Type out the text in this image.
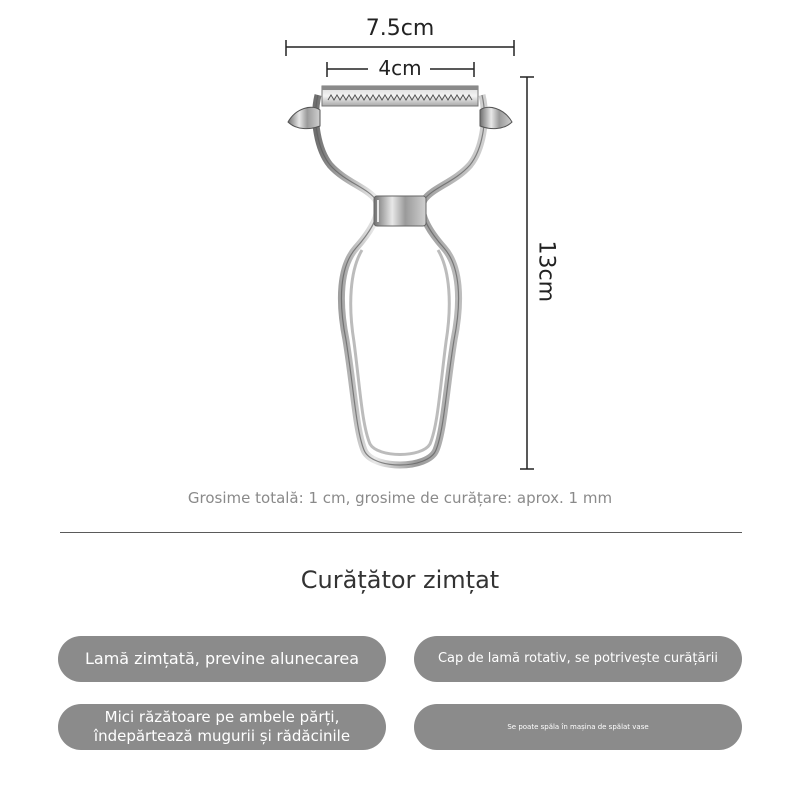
7.5cm
4cm
13cm
Grosime totală: 1 cm, grosime de curățare: aprox. 1 mm
Curățător zimțat
Lamă zimțată, previne alunecarea	Cap de lamă rotativ, se potrivește curățării
Mici răzătoare pe ambele părți, îndepărtează mugurii și rădăcinile
Se poate spăla în mașina de spălat vase
